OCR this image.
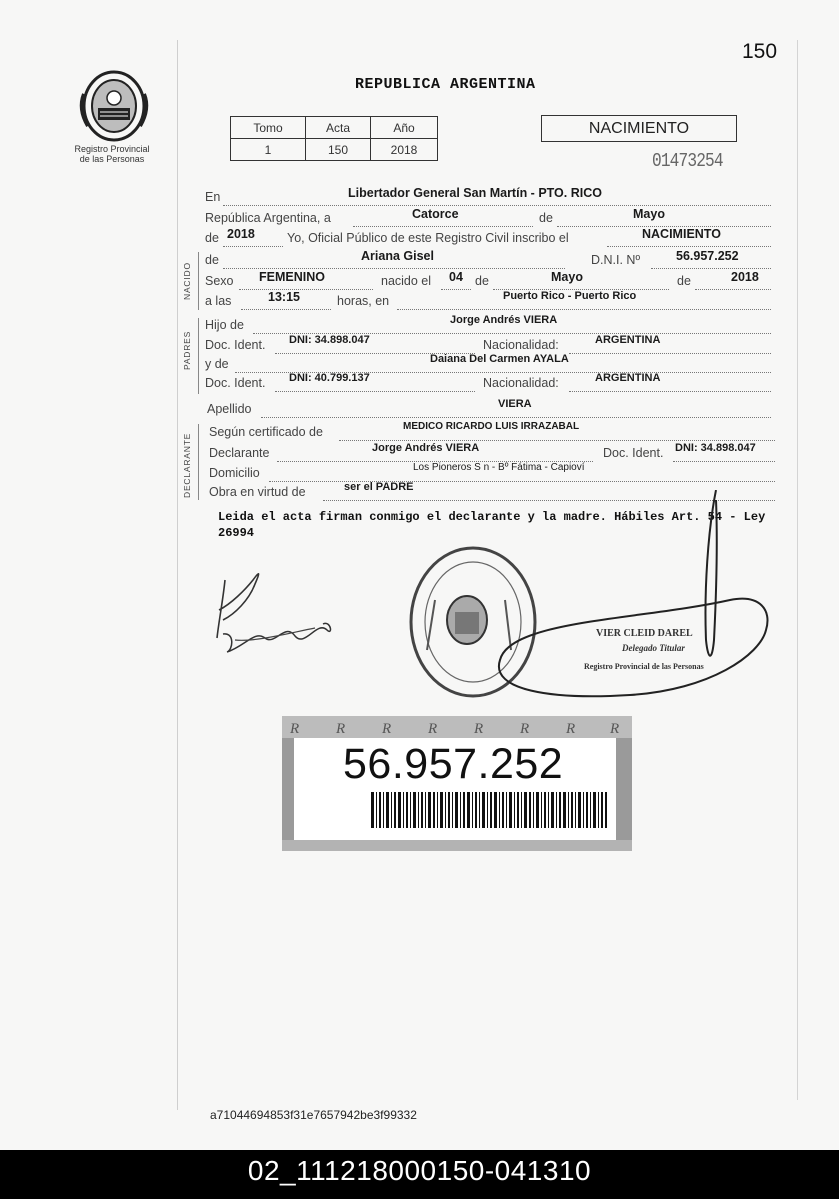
150
Registro Provincial
de las Personas
REPUBLICA ARGENTINA
Tomo	Acta	Año
1	150	2018
NACIMIENTO
01473254
En	Libertador General San Martín - PTO. RICO
República Argentina, a	Catorce	de	Mayo
de 2018	Yo, Oficial Público de este Registro Civil inscribo el	NACIMIENTO
NACIDO
de	Ariana Gisel	D.N.I. Nº	56.957.252
Sexo FEMENINO	nacido el 04 de	Mayo	de	2018
a las	13:15	horas, en	Puerto Rico - Puerto Rico
PADRES
Hijo de	Jorge Andrés VIERA
Doc. Ident. DNI: 34.898.047	Nacionalidad:	ARGENTINA
y de	Daiana Del Carmen AYALA
Doc. Ident. DNI: 40.799.137	Nacionalidad:	ARGENTINA
Apellido	VIERA
DECLARANTE
Según certificado de	MEDICO RICARDO LUIS IRRAZABAL
Declarante	Jorge Andrés VIERA	Doc. Ident. DNI: 34.898.047
Domicilio	Los Pioneros S n - Bº Fátima - Capioví
Obra en virtud de	ser el PADRE
Leida el acta firman conmigo el declarante y la madre. Hábiles Art. 54 - Ley 26994
VIER CLEID DAREL
Delegado Titular
Registro Provincial de las Personas
R R R R R R R R
56.957.252
a71044694853f31e7657942be3f99332
02_111218000150-041310
